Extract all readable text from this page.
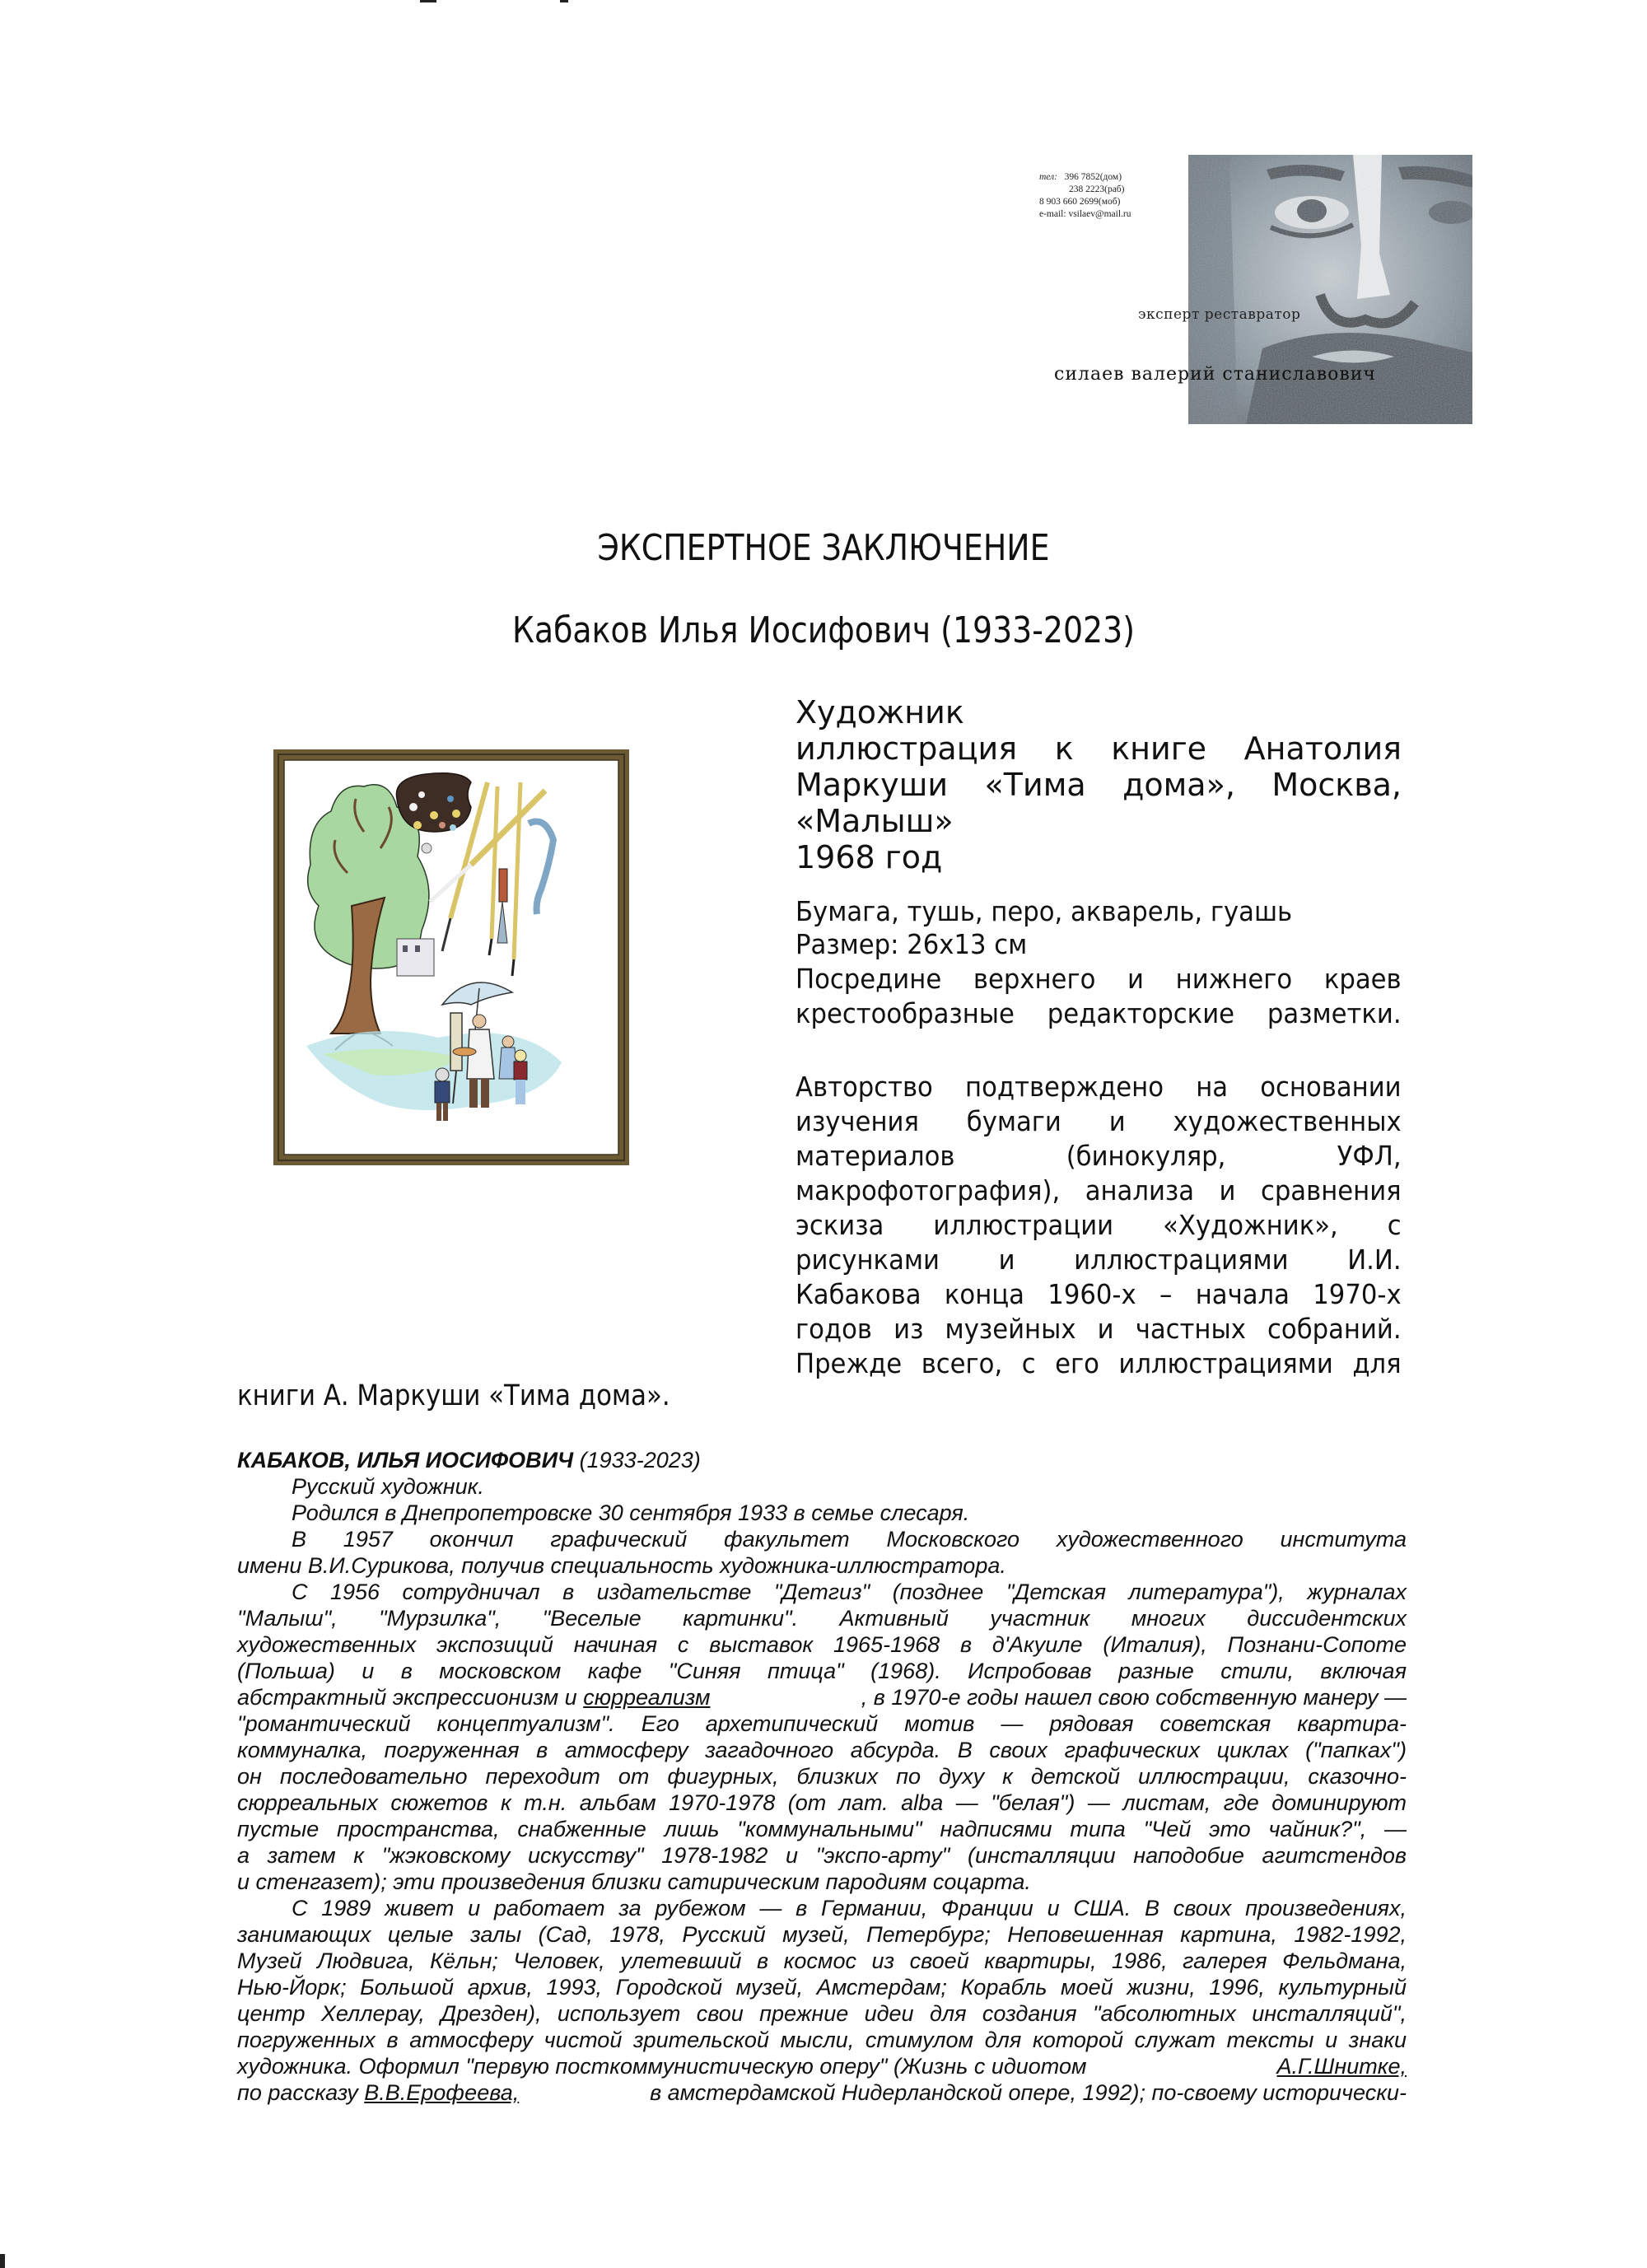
тел: 396 7852(дом)
238 2223(раб)
8 903 660 2699(моб)
e-mail: vsilaev@mail.ru
эксперт реставратор
силаев валерий станиславович
ЭКСПЕРТНОЕ ЗАКЛЮЧЕНИЕ
Кабаков Илья Иосифович (1933-2023)
Художник
иллюстрация к книге Анатолия
Маркуши «Тима дома», Москва,
«Малыш»
1968 год
Бумага, тушь, перо, акварель, гуашь
Размер: 26x13 см
Посредине верхнего и нижнего краев
крестообразные редакторские разметки.
Авторство подтверждено на основании
изучения бумаги и художественных
материалов (бинокуляр, УФЛ,
макрофотография), анализа и сравнения
эскиза иллюстрации «Художник», с
рисунками и иллюстрациями И.И.
Кабакова конца 1960-х – начала 1970-х
годов из музейных и частных собраний.
Прежде всего, с его иллюстрациями для
книги А. Маркуши «Тима дома».
КАБАКОВ, ИЛЬЯ ИОСИФОВИЧ (1933-2023)
Русский художник.
Родился в Днепропетровске 30 сентября 1933 в семье слесаря.
В 1957 окончил графический факультет Московского художественного института
имени В.И.Сурикова, получив специальность художника-иллюстратора.
С 1956 сотрудничал в издательстве "Детгиз" (позднее "Детская литература"), журналах
"Малыш", "Мурзилка", "Веселые картинки". Активный участник многих диссидентских
художественных экспозиций начиная с выставок 1965-1968 в д'Акуиле (Италия), Познани-Сопоте
(Польша) и в московском кафе "Синяя птица" (1968). Испробовав разные стили, включая
абстрактный экспрессионизм и сюрреализм	, в 1970-е годы нашел свою собственную манеру —
"романтический концептуализм". Его архетипический мотив — рядовая советская квартира-
коммуналка, погруженная в атмосферу загадочного абсурда. В своих графических циклах ("папках")
он последовательно переходит от фигурных, близких по духу к детской иллюстрации, сказочно-
сюрреальных сюжетов к т.н. альбам 1970-1978 (от лат. alba — "белая") — листам, где доминируют
пустые пространства, снабженные лишь "коммунальными" надписями типа "Чей это чайник?", —
а затем к "жэковскому искусству" 1978-1982 и "экспо-арту" (инсталляции наподобие агитстендов
и стенгазет); эти произведения близки сатирическим пародиям соцарта.
С 1989 живет и работает за рубежом — в Германии, Франции и США. В своих произведениях,
занимающих целые залы (Сад, 1978, Русский музей, Петербург; Неповешенная картина, 1982-1992,
Музей Людвига, Кёльн; Человек, улетевший в космос из своей квартиры, 1986, галерея Фельдмана,
Нью-Йорк; Большой архив, 1993, Городской музей, Амстердам; Корабль моей жизни, 1996, культурный
центр Хеллерау, Дрезден), использует свои прежние идеи для создания "абсолютных инсталляций",
погруженных в атмосферу чистой зрительской мысли, стимулом для которой служат тексты и знаки
художника. Оформил "первую посткоммунистическую оперу" (Жизнь с идиотом	А.Г.Шнитке,
по рассказу В.В.Ерофеева,	в амстердамской Нидерландской опере, 1992); по-своему исторически-
